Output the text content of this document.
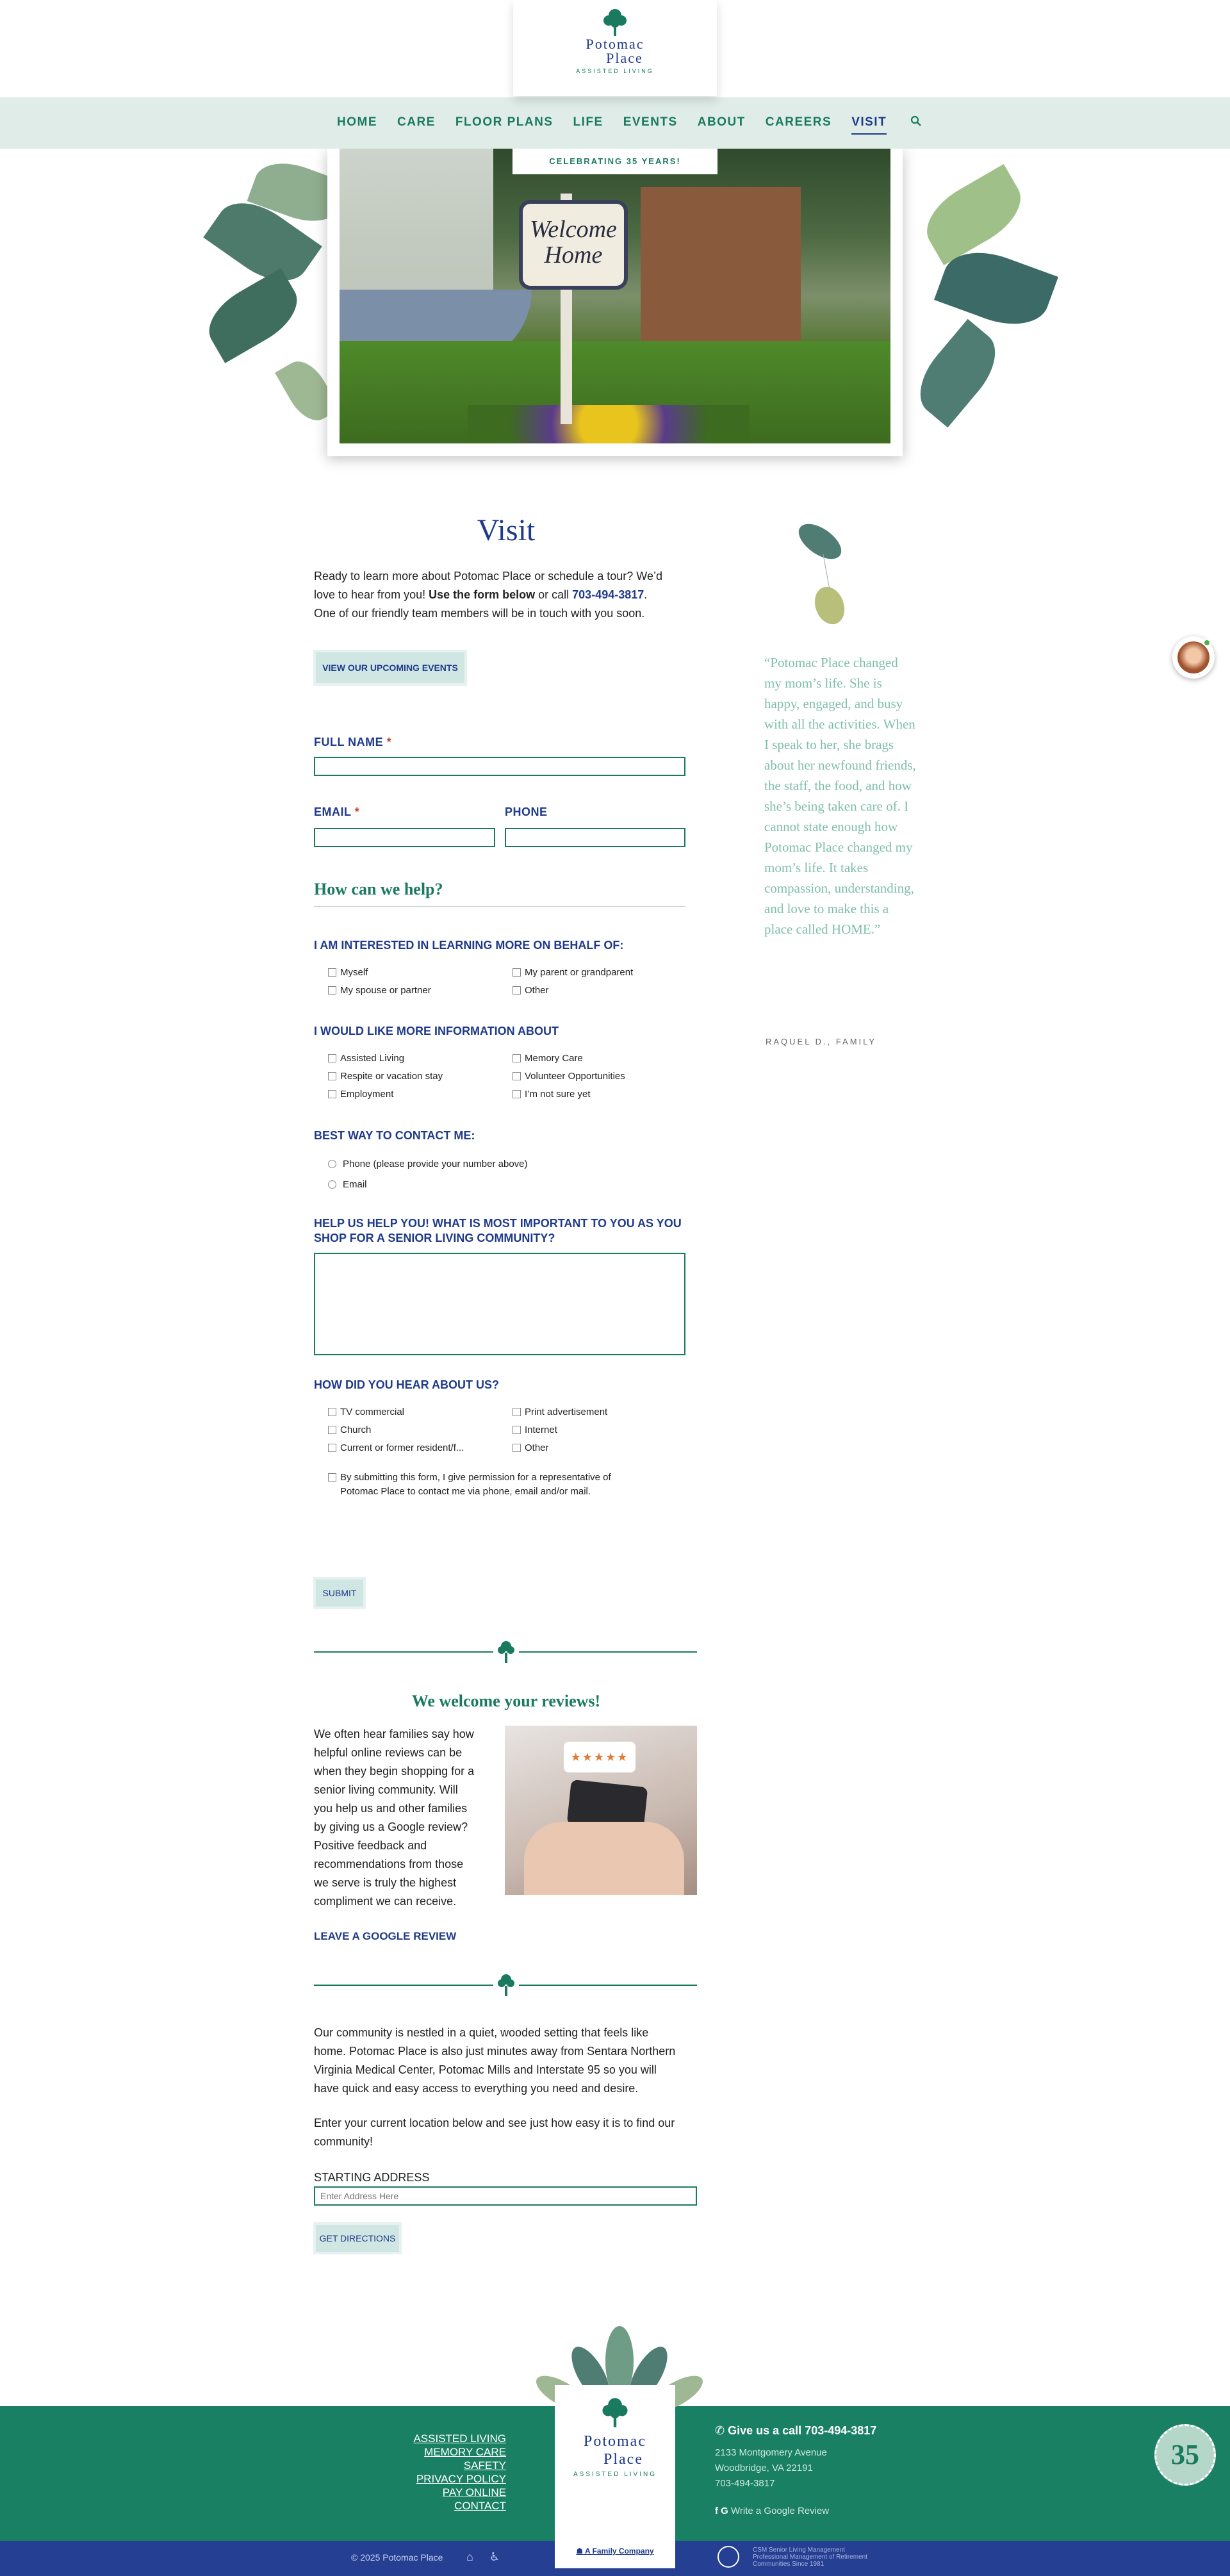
Potomac
Place
ASSISTED LIVING
HOME CARE FLOOR PLANS LIFE EVENTS ABOUT CAREERS VISIT
Welcome
Home
CELEBRATING 35 YEARS!
Visit
Ready to learn more about Potomac Place or schedule a tour? We’d
love to hear from you! Use the form below or call 703-494-3817.
One of our friendly team members will be in touch with you soon.
VIEW OUR UPCOMING EVENTS
FULL NAME *
EMAIL *	PHONE
How can we help?
I AM INTERESTED IN LEARNING MORE ON BEHALF OF:
Myself	My parent or grandparent
My spouse or partner	Other
I WOULD LIKE MORE INFORMATION ABOUT
Assisted Living	Memory Care
Respite or vacation stay	Volunteer Opportunities
Employment	I’m not sure yet
BEST WAY TO CONTACT ME:
Phone (please provide your number above)
Email
HELP US HELP YOU! WHAT IS MOST IMPORTANT TO YOU AS YOU
SHOP FOR A SENIOR LIVING COMMUNITY?
HOW DID YOU HEAR ABOUT US?
TV commercial	Print advertisement
Church	Internet
Current or former resident/f...	Other
By submitting this form, I give permission for a representative of
Potomac Place to contact me via phone, email and/or mail.
SUBMIT
“Potomac Place changed my mom’s life. She is happy, engaged, and busy with all the activities. When I speak to her, she brags about her newfound friends, the staff, the food, and how she’s being taken care of. I cannot state enough how Potomac Place changed my mom’s life. It takes compassion, understanding, and love to make this a place called HOME.”
RAQUEL D., FAMILY
We welcome your reviews!
We often hear families say how
helpful online reviews can be
when they begin shopping for a
senior living community. Will
you help us and other families
by giving us a Google review?
Positive feedback and
recommendations from those
we serve is truly the highest
compliment we can receive.
★★★★★
LEAVE A GOOGLE REVIEW
Our community is nestled in a quiet, wooded setting that feels like
home. Potomac Place is also just minutes away from Sentara Northern
Virginia Medical Center, Potomac Mills and Interstate 95 so you will
have quick and easy access to everything you need and desire.
Enter your current location below and see just how easy it is to find our
community!
STARTING ADDRESS
Enter Address Here
GET DIRECTIONS
ASSISTED LIVING
MEMORY CARE
SAFETY
PRIVACY POLICY
PAY ONLINE
CONTACT
Potomac
Place
ASSISTED LIVING
☗ A Family Company
✆ Give us a call 703-494-3817
2133 Montgomery Avenue
Woodbridge, VA 22191
703-494-3817
f G Write a Google Review
35
© 2025 Potomac Place ⌂ ♿
CSM Senior Living Management
Professional Management of Retirement
Communities Since 1981
